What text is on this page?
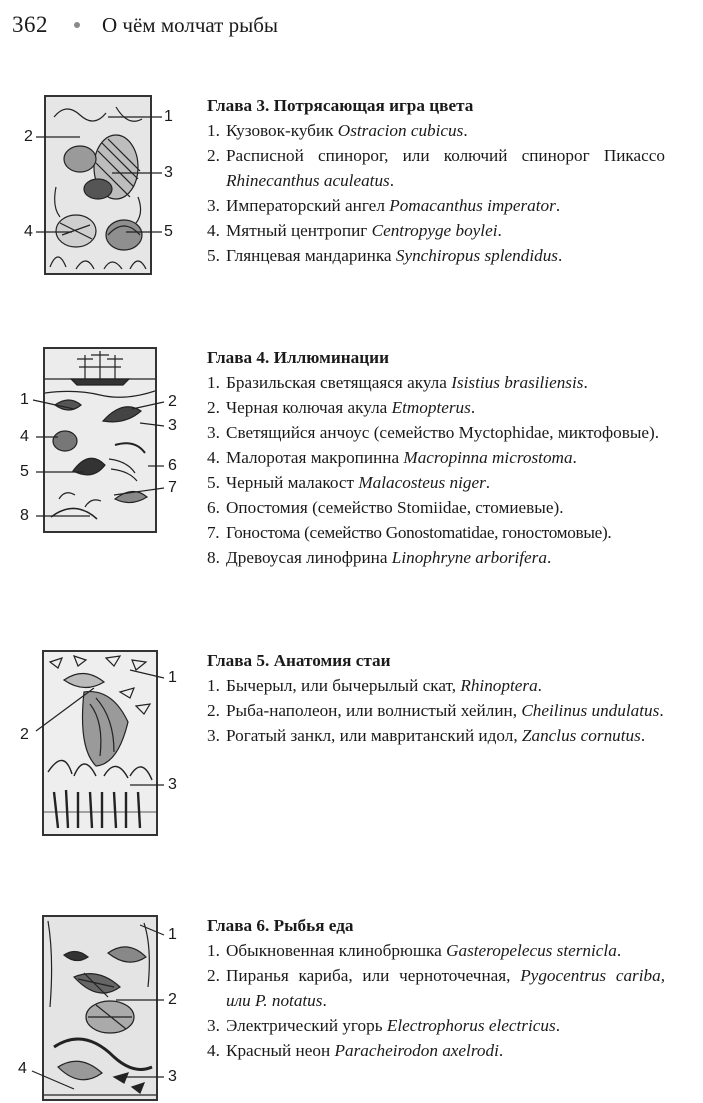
362	О чём молчат рыбы
1
2
3
4	5

Глава 3. Потрясающая игра цвета

1. Кузовок-кубик Ostracion cubicus.
2. Расписной спинорог, или колючий спинорог Пикассо Rhinecanthus aculeatus.
3. Императорский ангел Pomacanthus imperator.
4. Мятный центропиг Centropyge boylei.
5. Глянцевая мандаринка Synchiropus splendidus.
1	2
3
4
5	6
7
8

Глава 4. Иллюминации

1. Бразильская светящаяся акула Isistius brasiliensis.
2. Черная колючая акула Etmopterus.
3. Светящийся анчоус (семейство Myctophidae, миктофовые).
4. Малоротая макропинна Macropinna microstoma.
5. Черный малакост Malacosteus niger.
6. Опостомия (семейство Stomiidae, стомиевые).
7. Гоностома (семейство Gonostomatidae, гоностомовые).
8. Древоусая линофрина Linophryne arborifera.
1
2
3

Глава 5. Анатомия стаи

1. Бычерыл, или бычерылый скат, Rhinoptera.
2. Рыба-наполеон, или волнистый хейлин, Cheilinus undulatus.
3. Рогатый занкл, или мавританский идол, Zanclus cornutus.
1
2
3
4

Глава 6. Рыбья еда

1. Обыкновенная клинобрюшка Gasteropelecus sternicla.
2. Пиранья кариба, или черноточечная, Pygocentrus cariba, или P. notatus.
3. Электрический угорь Electrophorus electricus.
4. Красный неон Paracheirodon axelrodi.
